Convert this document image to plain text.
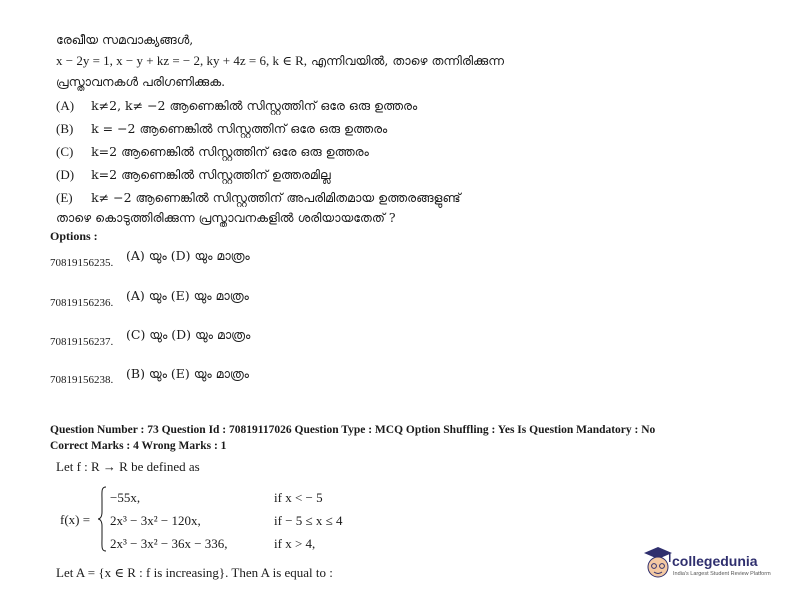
രേഖീയ സമവാക്യങ്ങൾ,
x − 2y = 1, x − y + kz = − 2, ky + 4z = 6, k ∈ R, എന്നിവയിൽ, താഴെ തന്നിരിക്കുന്ന
പ്രസ്താവനകൾ പരിഗണിക്കുക.
(A) k≠2, k≠ −2 ആണെങ്കിൽ സിസ്റ്റത്തിന് ഒരേ ഒരു ഉത്തരം
(B) k = −2 ആണെങ്കിൽ സിസ്റ്റത്തിന് ഒരേ ഒരു ഉത്തരം
(C) k=2 ആണെങ്കിൽ സിസ്റ്റത്തിന് ഒരേ ഒരു ഉത്തരം
(D) k=2 ആണെങ്കിൽ സിസ്റ്റത്തിന് ഉത്തരമില്ല
(E) k≠ −2 ആണെങ്കിൽ സിസ്റ്റത്തിന് അപരിമിതമായ ഉത്തരങ്ങളുണ്ട്
താഴെ കൊടുത്തിരിക്കുന്ന പ്രസ്താവനകളിൽ ശരിയായതേത് ?
Options :
70819156235. (A) യും (D) യും മാത്രം
70819156236. (A) യും (E) യും മാത്രം
70819156237. (C) യും (D) യും മാത്രം
70819156238. (B) യും (E) യും മാത്രം
Question Number : 73 Question Id : 70819117026 Question Type : MCQ Option Shuffling : Yes Is Question Mandatory : No
Correct Marks : 4 Wrong Marks : 1
Let f : R → R be defined as
f(x) =
−55x,	if x < − 5
2x³ − 3x² − 120x,	if − 5 ≤ x ≤ 4
2x³ − 3x² − 36x − 336,	if x > 4,
Let A = {x ∈ R : f is increasing}. Then A is equal to :
collegedunia
India's Largest Student Review Platform
